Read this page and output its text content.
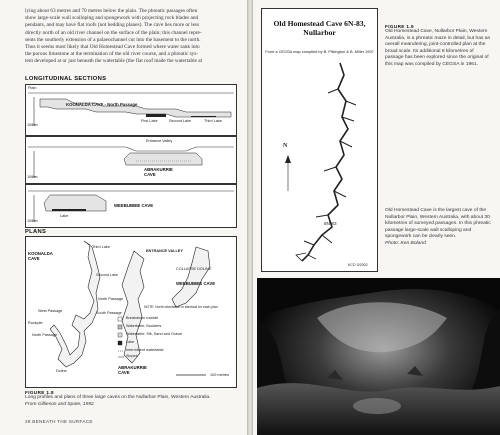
lying about 63 metres and 70 metres below the plain. The phreatic passages often

show large-scale wall scalloping and spongework with projecting rock blades and

pendants, and may have flat roofs (not bedding planes). The cave lies more or less

directly north of an old river channel on the surface of the plain; this channel repre-

sents the southerly extension of a palaeochannel cut into the basement to the north.

Thus it seems most likely that Old Homestead Cave formed where water sank into

the porous limestone at the termination of the old river course, and a phreatic sys-

tem developed at or just beneath the watertable (the flat roof made the watertable at

LONGITUDINAL SECTIONS
Plain
KOONALDA CAVE - North Passage
100 m
First Lake	Second Lake	Third Lake
Entrance Valley
ABRAKURRIE CAVE
100 m
WEEBUBBIE CAVE
100 m
Lake
PLANS
KOONALDA CAVE
Third Lake
Second Lake
North Passage
West Passage	South Passage
Rockpile
North Passage
Doline
ENTRANCE VALLEY
ABRAKURRIE CAVE
COLLAPSE DOLINE
WEEBUBBIE CAVE
NOTE: North orientation is identical for each plan
Breakdown rockfall
Watertable: Boulders
Watertable: Silt, Sand and Gravel
Lake
Intermittent watertable
Slopes
100 metres
FIGURE 1.8
Long profiles and plans of three large caves on the Nullarbor Plain, Western Australia.
From Gillieson and Spate, 1992
28 BENEATH THE SURFACE
Old Homestead Cave 6N-83, Nullarbor
From a CEGSA map compiled by B. Pilkington & B. Miller 1997
N
6N-83
KCD 3/2002
FIGURE 1.9
Old Homestead Cave, Nullarbor Plain, Western Australia, is a phreatic maze in detail, but has an overall meandering, joint-controlled plan at the broad scale. Its additional 8 kilometres of passage has been explored since the original of this map was compiled by CEGSA in 1961.
Old Homestead Cave is the largest cave of the Nullarbor Plain, Western Australia, with about 30 kilometres of surveyed passages. In this phreatic passage large-scale wall scalloping and spongework can be clearly seen.
Photo: Ken Boland
